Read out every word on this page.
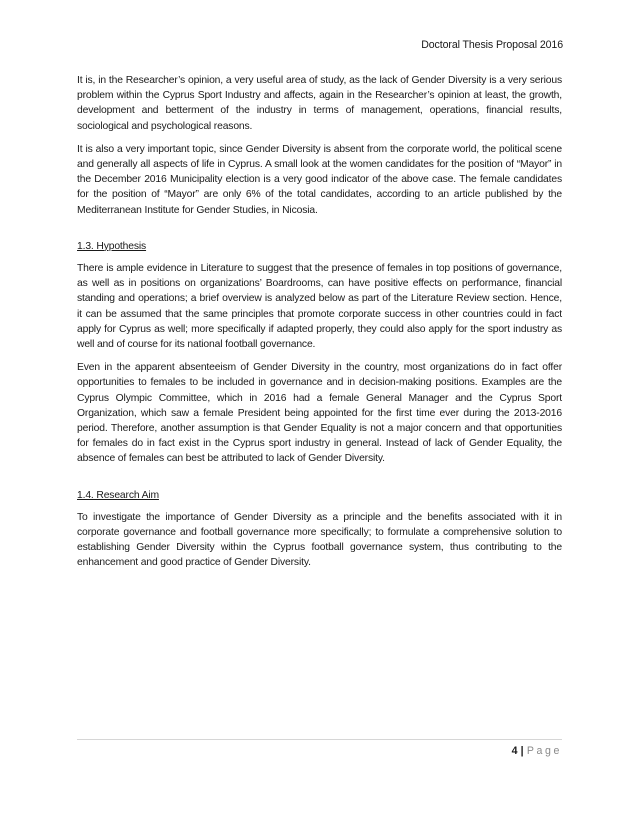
Doctoral Thesis Proposal 2016

It is, in the Researcher’s opinion, a very useful area of study, as the lack of Gender Diversity is a very serious problem within the Cyprus Sport Industry and affects, again in the Researcher’s opinion at least, the growth, development and betterment of the industry in terms of management, operations, financial results, sociological and psychological reasons.

It is also a very important topic, since Gender Diversity is absent from the corporate world, the political scene and generally all aspects of life in Cyprus. A small look at the women candidates for the position of “Mayor” in the December 2016 Municipality election is a very good indicator of the above case. The female candidates for the position of “Mayor” are only 6% of the total candidates, according to an article published by the Mediterranean Institute for Gender Studies, in Nicosia.

1.3. Hypothesis

There is ample evidence in Literature to suggest that the presence of females in top positions of governance, as well as in positions on organizations’ Boardrooms, can have positive effects on performance, financial standing and operations; a brief overview is analyzed below as part of the Literature Review section. Hence, it can be assumed that the same principles that promote corporate success in other countries could in fact apply for Cyprus as well; more specifically if adapted properly, they could also apply for the sport industry as well and of course for its national football governance.

Even in the apparent absenteeism of Gender Diversity in the country, most organizations do in fact offer opportunities to females to be included in governance and in decision-making positions. Examples are the Cyprus Olympic Committee, which in 2016 had a female General Manager and the Cyprus Sport Organization, which saw a female President being appointed for the first time ever during the 2013-2016 period. Therefore, another assumption is that Gender Equality is not a major concern and that opportunities for females do in fact exist in the Cyprus sport industry in general. Instead of lack of Gender Equality, the absence of females can best be attributed to lack of Gender Diversity.

1.4. Research Aim

To investigate the importance of Gender Diversity as a principle and the benefits associated with it in corporate governance and football governance more specifically; to formulate a comprehensive solution to establishing Gender Diversity within the Cyprus football governance system, thus contributing to the enhancement and good practice of Gender Diversity.

4 | Page
